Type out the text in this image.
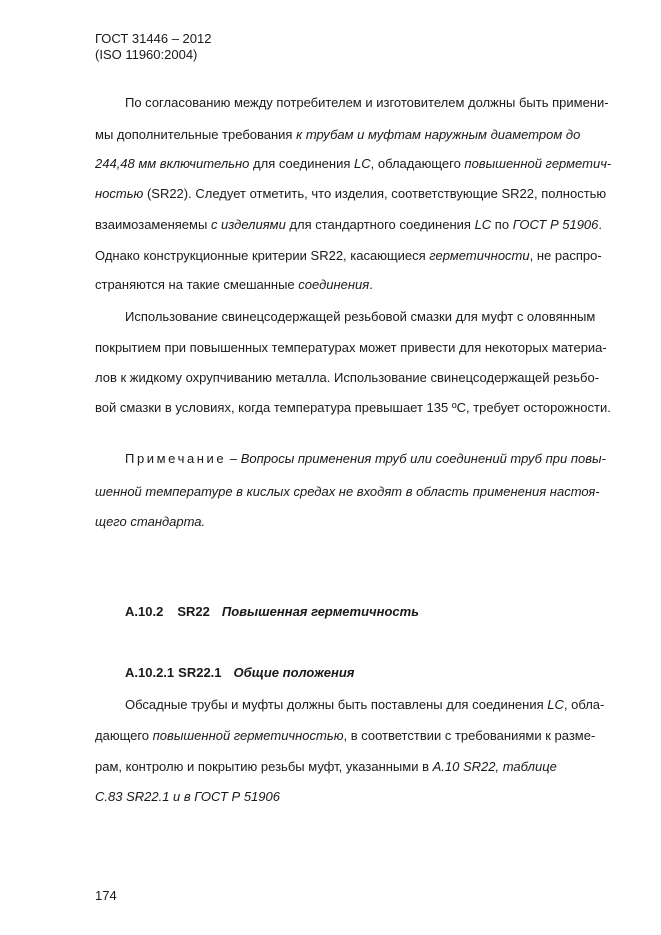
ГОСТ 31446 – 2012
(ISO 11960:2004)
По согласованию между потребителем и изготовителем должны быть примени-
мы дополнительные требования к трубам и муфтам наружным диаметром до
244,48 мм включительно для соединения LC, обладающего повышенной герметич-
ностью (SR22). Следует отметить, что изделия, соответствующие SR22, полностью
взаимозаменяемы с изделиями для стандартного соединения LC по ГОСТ Р 51906.
Однако конструкционные критерии SR22, касающиеся герметичности, не распро-
страняются на такие смешанные соединения.
Использование свинецсодержащей резьбовой смазки для муфт с оловянным
покрытием при повышенных температурах может привести для некоторых материа-
лов к жидкому охрупчиванию металла. Использование свинецсодержащей резьбо-
вой смазки в условиях, когда температура превышает 135 ºС, требует осторожности.
Примечание – Вопросы применения труб или соединений труб при повы-
шенной температуре в кислых средах не входят в область применения настоя-
щего стандарта.
А.10.2 SR22 Повышенная герметичность
А.10.2.1 SR22.1 Общие положения
Обсадные трубы и муфты должны быть поставлены для соединения LC, обла-
дающего повышенной герметичностью, в соответствии с требованиями к разме-
рам, контролю и покрытию резьбы муфт, указанными в А.10 SR22, таблице
С.83 SR22.1 и в ГОСТ Р 51906
174
